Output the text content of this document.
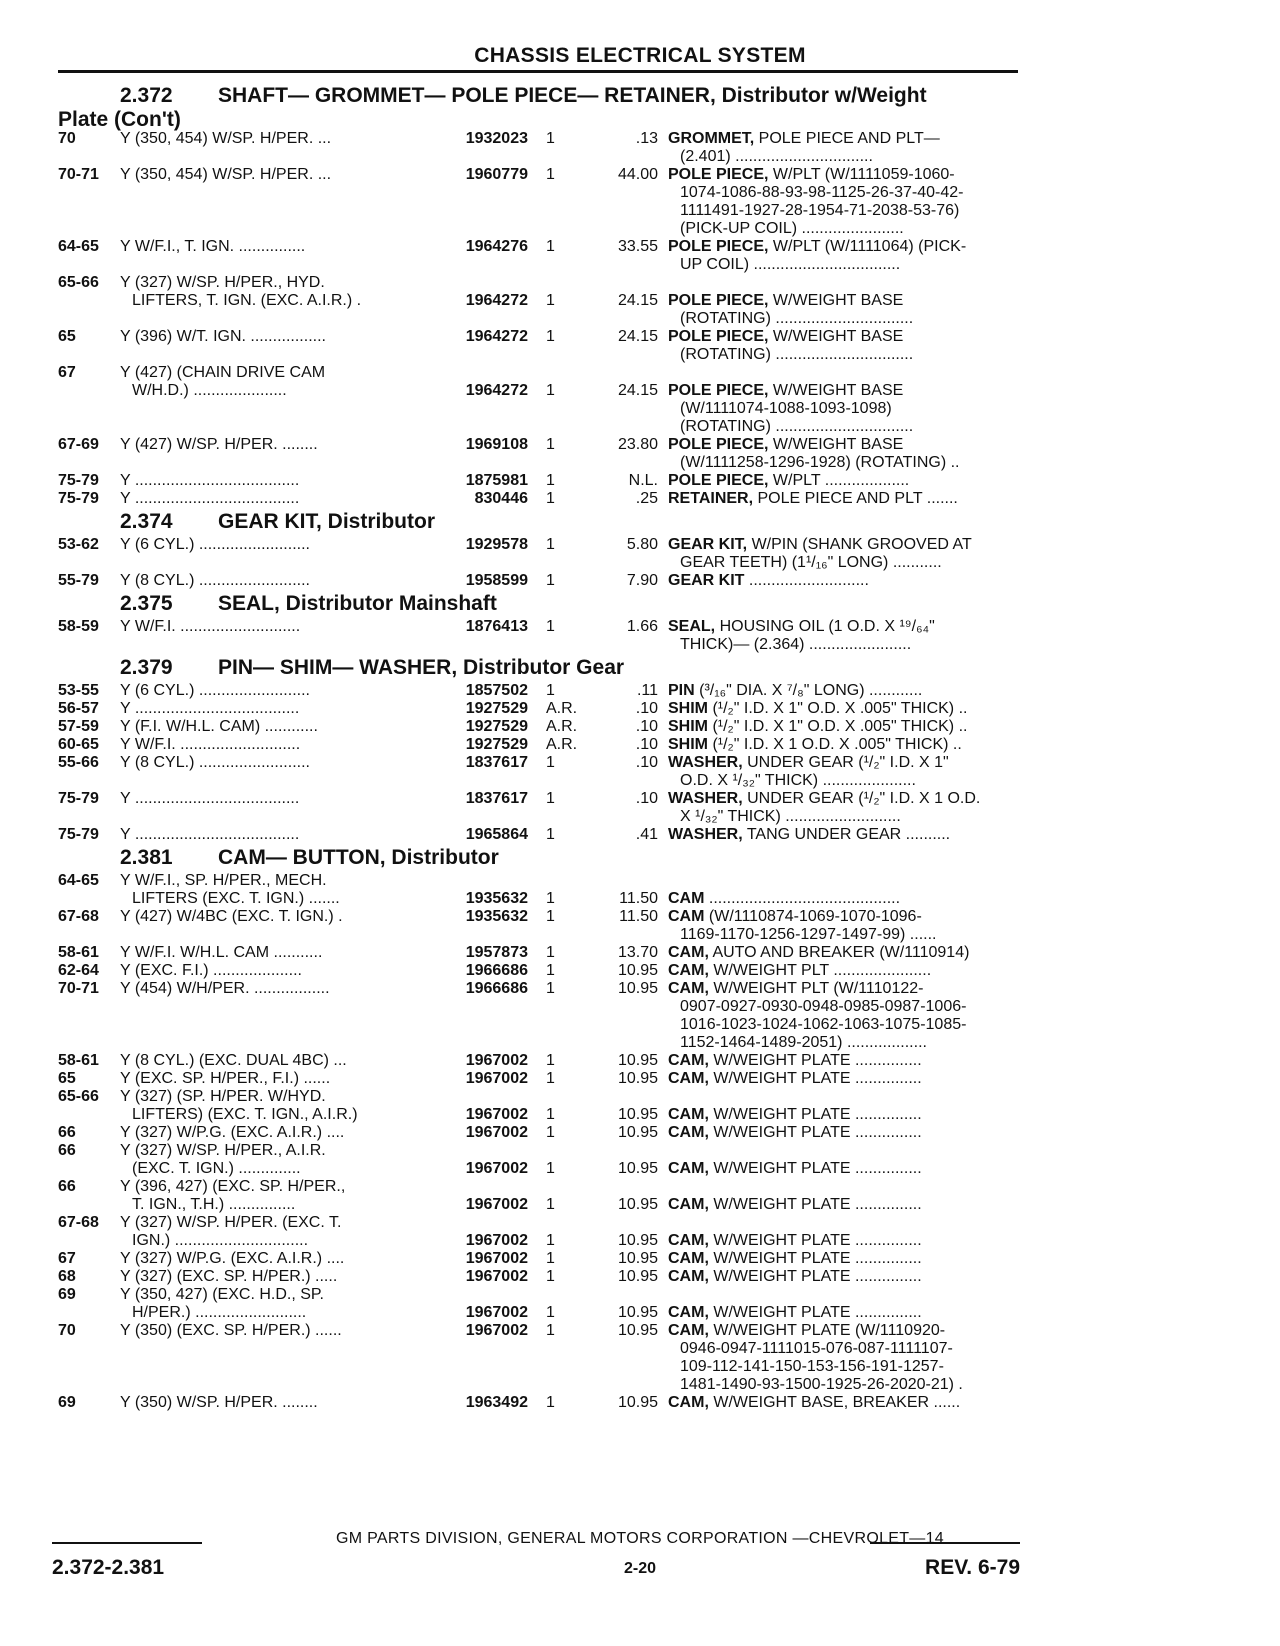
CHASSIS ELECTRICAL SYSTEM
2.372 SHAFT— GROMMET— POLE PIECE— RETAINER, Distributor w/Weight
Plate (Con't)
70	Y (350, 454) W/SP. H/PER. ...	1932023	1	.13 GROMMET, POLE PIECE AND PLT—
(2.401) ...............................
70-71	Y (350, 454) W/SP. H/PER. ...	1960779	1	44.00 POLE PIECE, W/PLT (W/1111059-1060-
1074-1086-88-93-98-1125-26-37-40-42-
1111491-1927-28-1954-71-2038-53-76)
(PICK-UP COIL) .......................
64-65	Y W/F.I., T. IGN. ...............	1964276	1	33.55 POLE PIECE, W/PLT (W/1111064) (PICK-
UP COIL) .................................
65-66	Y (327) W/SP. H/PER., HYD.
LIFTERS, T. IGN. (EXC. A.I.R.) .	1964272	1	24.15 POLE PIECE, W/WEIGHT BASE
(ROTATING) ...............................
65	Y (396) W/T. IGN. .................	1964272	1	24.15 POLE PIECE, W/WEIGHT BASE
(ROTATING) ...............................
67	Y (427) (CHAIN DRIVE CAM
W/H.D.) .....................	1964272	1	24.15 POLE PIECE, W/WEIGHT BASE
(W/1111074-1088-1093-1098)
(ROTATING) ...............................
67-69	Y (427) W/SP. H/PER. ........	1969108	1	23.80 POLE PIECE, W/WEIGHT BASE
(W/1111258-1296-1928) (ROTATING) ..
75-79	Y .....................................	1875981	1	N.L. POLE PIECE, W/PLT ...................
75-79	Y .....................................	830446	1	.25 RETAINER, POLE PIECE AND PLT .......
2.374 GEAR KIT, Distributor
53-62	Y (6 CYL.) .........................	1929578	1	5.80 GEAR KIT, W/PIN (SHANK GROOVED AT
GEAR TEETH) (1¹/₁₆" LONG) ...........
55-79	Y (8 CYL.) .........................	1958599	1	7.90 GEAR KIT ...........................
2.375 SEAL, Distributor Mainshaft
58-59	Y W/F.I. ...........................	1876413	1	1.66 SEAL, HOUSING OIL (1 O.D. X ¹⁹/₆₄"
THICK)— (2.364) .......................
2.379 PIN— SHIM— WASHER, Distributor Gear
53-55	Y (6 CYL.) .........................	1857502	1	.11 PIN (³/₁₆" DIA. X ⁷/₈" LONG) ............
56-57	Y .....................................	1927529	A.R.	.10 SHIM (¹/₂" I.D. X 1" O.D. X .005" THICK) ..
57-59	Y (F.I. W/H.L. CAM) ............	1927529	A.R.	.10 SHIM (¹/₂" I.D. X 1" O.D. X .005" THICK) ..
60-65	Y W/F.I. ...........................	1927529	A.R.	.10 SHIM (¹/₂" I.D. X 1 O.D. X .005" THICK) ..
55-66	Y (8 CYL.) .........................	1837617	1	.10 WASHER, UNDER GEAR (¹/₂" I.D. X 1"
O.D. X ¹/₃₂" THICK) .....................
75-79	Y .....................................	1837617	1	.10 WASHER, UNDER GEAR (¹/₂" I.D. X 1 O.D.
X ¹/₃₂" THICK) ..........................
75-79	Y .....................................	1965864	1	.41 WASHER, TANG UNDER GEAR ..........
2.381 CAM— BUTTON, Distributor
64-65	Y W/F.I., SP. H/PER., MECH.
LIFTERS (EXC. T. IGN.) .......	1935632	1	11.50 CAM ...........................................
67-68	Y (427) W/4BC (EXC. T. IGN.) .	1935632	1	11.50 CAM (W/1110874-1069-1070-1096-
1169-1170-1256-1297-1497-99) ......
58-61	Y W/F.I. W/H.L. CAM ...........	1957873	1	13.70 CAM, AUTO AND BREAKER (W/1110914)
62-64	Y (EXC. F.I.) ....................	1966686	1	10.95 CAM, W/WEIGHT PLT ......................
70-71	Y (454) W/H/PER. .................	1966686	1	10.95 CAM, W/WEIGHT PLT (W/1110122-
0907-0927-0930-0948-0985-0987-1006-
1016-1023-1024-1062-1063-1075-1085-
1152-1464-1489-2051) ..................
58-61	Y (8 CYL.) (EXC. DUAL 4BC) ...	1967002	1	10.95 CAM, W/WEIGHT PLATE ...............
65	Y (EXC. SP. H/PER., F.I.) ......	1967002	1	10.95 CAM, W/WEIGHT PLATE ...............
65-66	Y (327) (SP. H/PER. W/HYD.
LIFTERS) (EXC. T. IGN., A.I.R.)	1967002	1	10.95 CAM, W/WEIGHT PLATE ...............
66	Y (327) W/P.G. (EXC. A.I.R.) ....	1967002	1	10.95 CAM, W/WEIGHT PLATE ...............
66	Y (327) W/SP. H/PER., A.I.R.
(EXC. T. IGN.) ..............	1967002	1	10.95 CAM, W/WEIGHT PLATE ...............
66	Y (396, 427) (EXC. SP. H/PER.,
T. IGN., T.H.) ...............	1967002	1	10.95 CAM, W/WEIGHT PLATE ...............
67-68	Y (327) W/SP. H/PER. (EXC. T.
IGN.) ..............................	1967002	1	10.95 CAM, W/WEIGHT PLATE ...............
67	Y (327) W/P.G. (EXC. A.I.R.) ....	1967002	1	10.95 CAM, W/WEIGHT PLATE ...............
68	Y (327) (EXC. SP. H/PER.) .....	1967002	1	10.95 CAM, W/WEIGHT PLATE ...............
69	Y (350, 427) (EXC. H.D., SP.
H/PER.) .........................	1967002	1	10.95 CAM, W/WEIGHT PLATE ...............
70	Y (350) (EXC. SP. H/PER.) ......	1967002	1	10.95 CAM, W/WEIGHT PLATE (W/1110920-
0946-0947-1111015-076-087-1111107-
109-112-141-150-153-156-191-1257-
1481-1490-93-1500-1925-26-2020-21) .
69	Y (350) W/SP. H/PER. ........	1963492	1	10.95 CAM, W/WEIGHT BASE, BREAKER ......
GM PARTS DIVISION, GENERAL MOTORS CORPORATION —CHEVROLET—14
2.372-2.381	2-20	REV. 6-79
